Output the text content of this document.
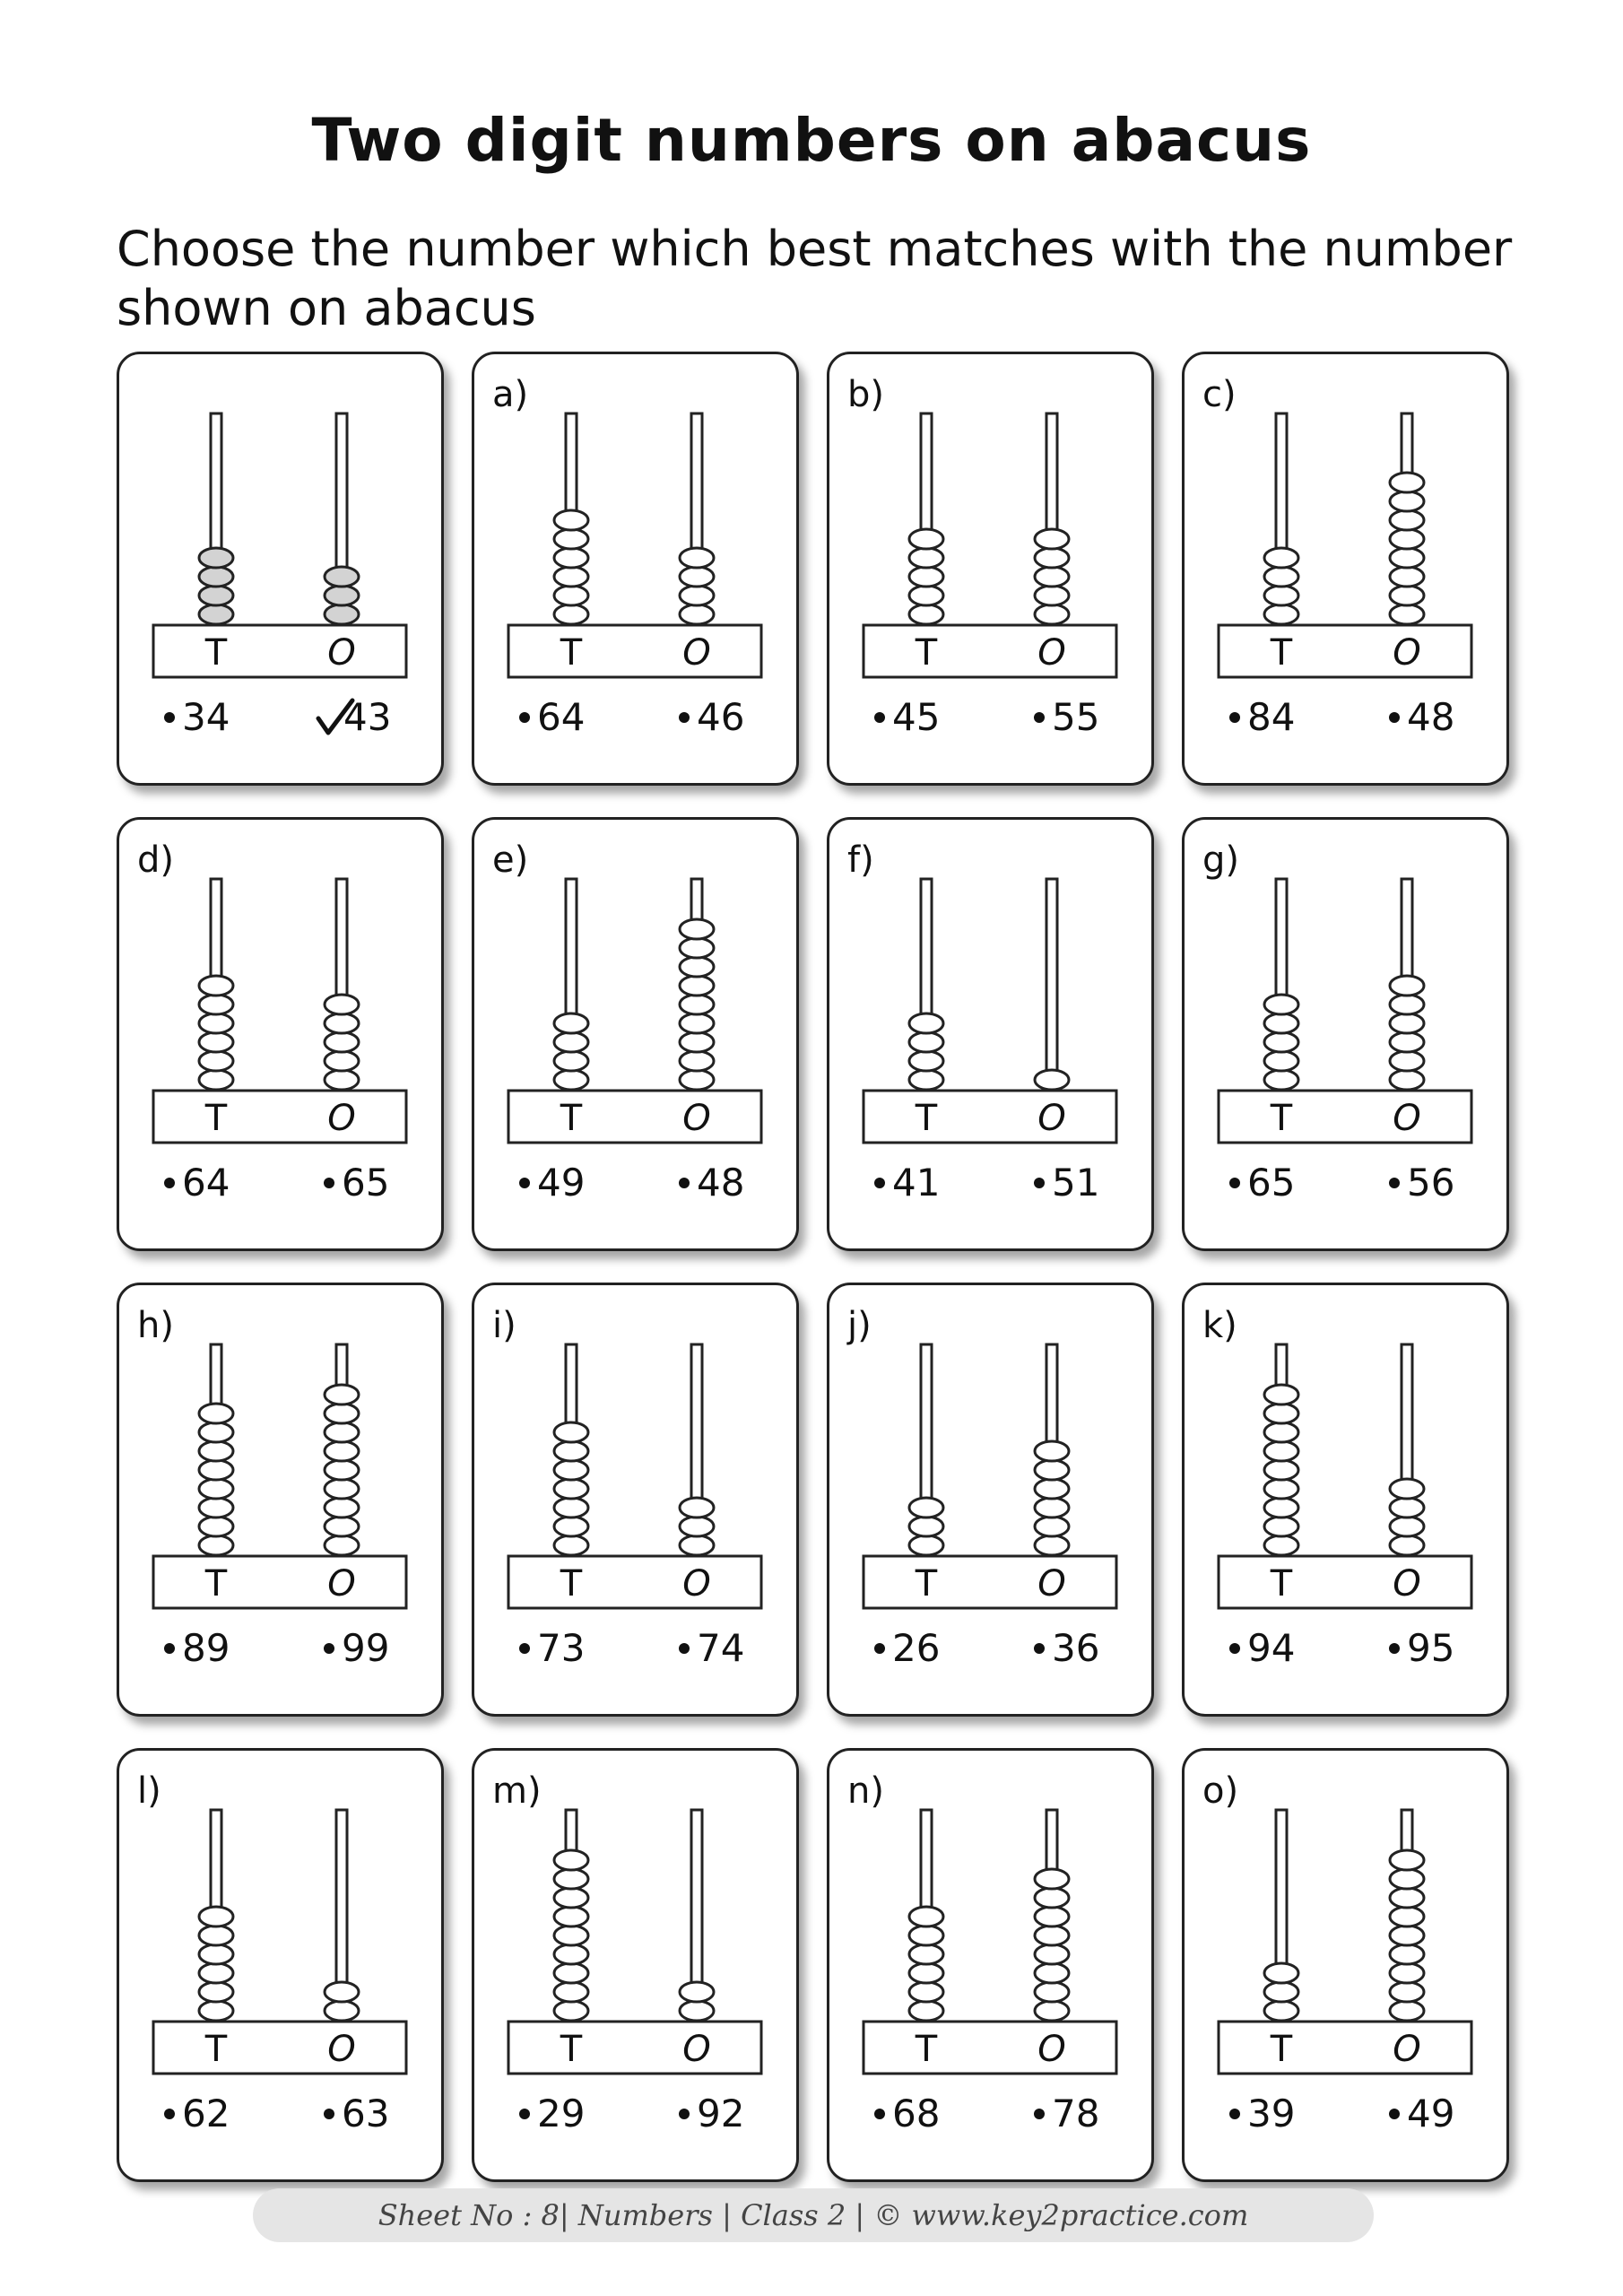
Two digit numbers on abacus
Choose the number which best matches with the number shown on abacus
T	O
34	43
a)
T	O
64	46
b)
T	O
45	55
c)
T	O
84	48
d)
T	O
64	65
e)
T	O
49	48
f)
T	O
41	51
g)
T	O
65	56
h)
T	O
89	99
i)
T	O
73	74
j)
T	O
26	36
k)
T	O
94	95
l)
T	O
62	63
m)
T	O
29	92
n)
T	O
68	78
o)
T	O
39	49
Sheet No : 8| Numbers | Class 2 | © www.key2practice.com
